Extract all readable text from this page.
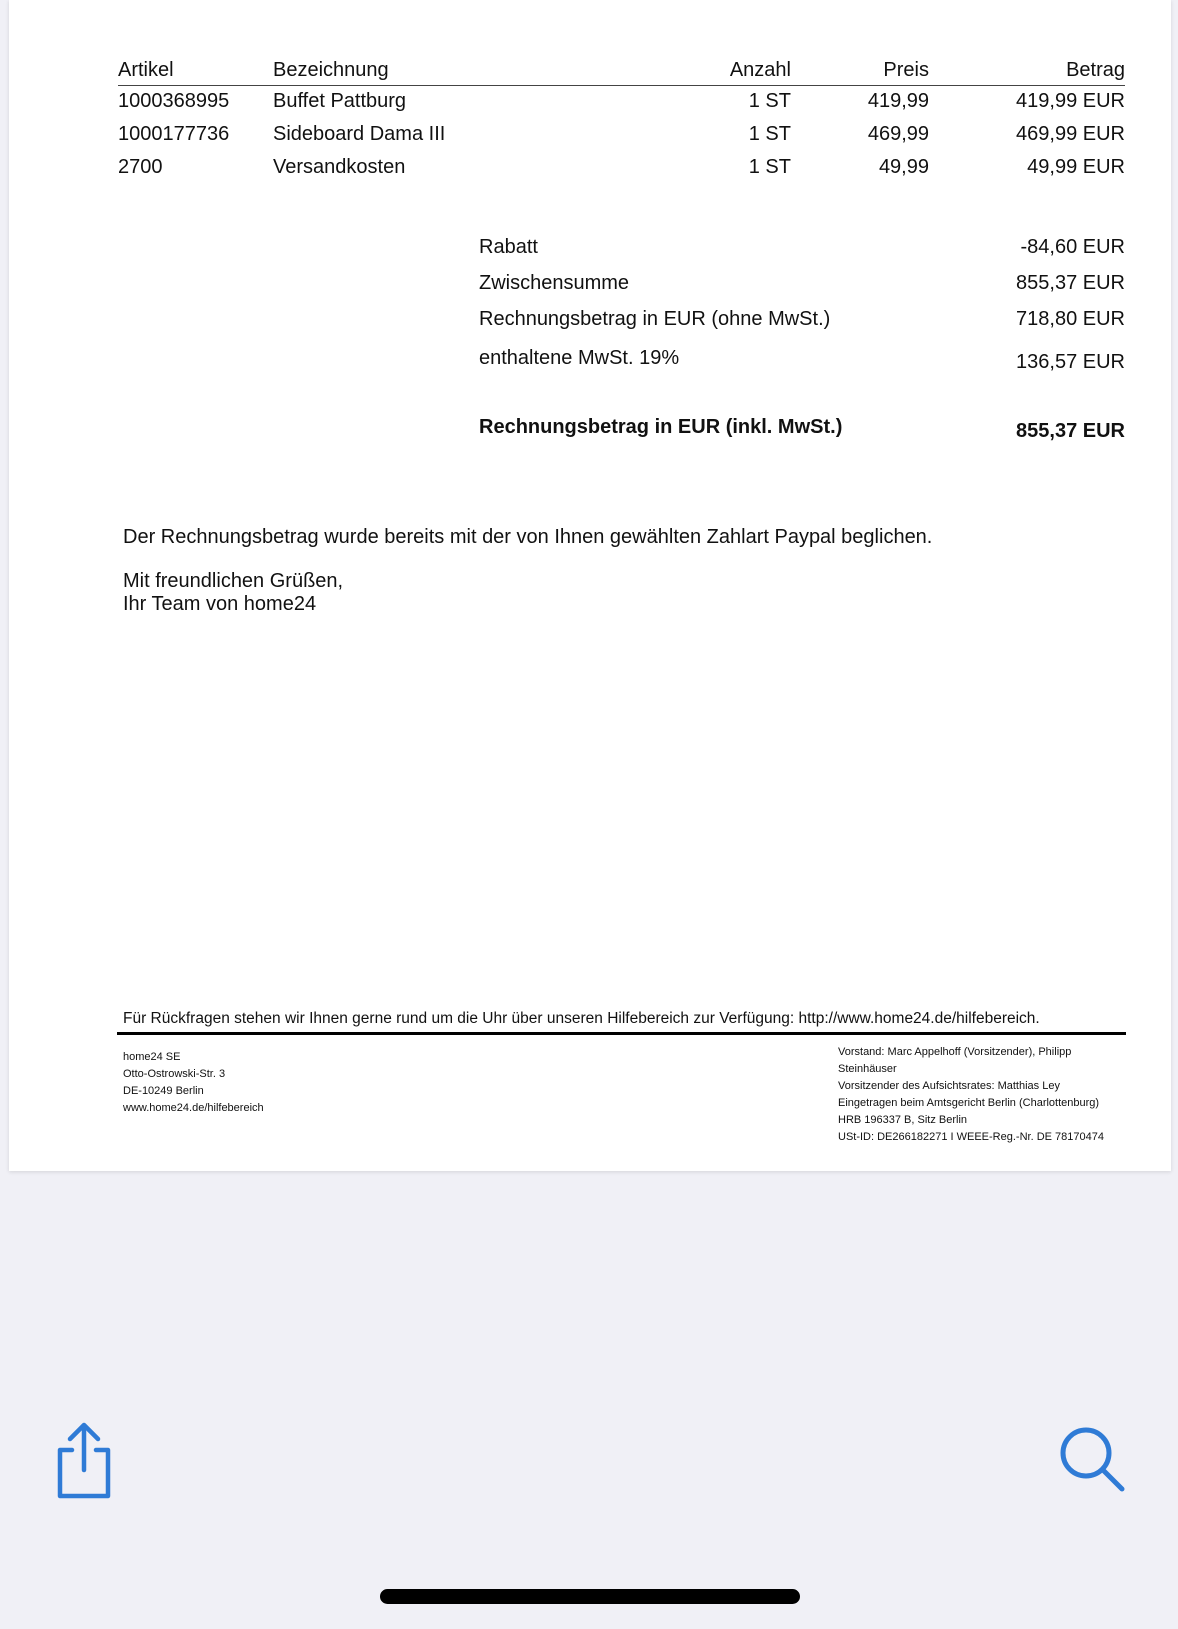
Artikel	Bezeichnung	Anzahl	Preis	Betrag
1000368995 Buffet Pattburg	1 ST	419,99	419,99 EUR
1000177736 Sideboard Dama III	1 ST	469,99	469,99 EUR
2700	Versandkosten	1 ST	49,99	49,99 EUR
Rabatt	-84,60 EUR
Zwischensumme	855,37 EUR
Rechnungsbetrag in EUR (ohne MwSt.)	718,80 EUR
enthaltene MwSt. 19%	136,57 EUR
Rechnungsbetrag in EUR (inkl. MwSt.)	855,37 EUR
Der Rechnungsbetrag wurde bereits mit der von Ihnen gewählten Zahlart Paypal beglichen.
Mit freundlichen Grüßen,
Ihr Team von home24
Für Rückfragen stehen wir Ihnen gerne rund um die Uhr über unseren Hilfebereich zur Verfügung: http://www.home24.de/hilfebereich.
home24 SE
Otto-Ostrowski-Str. 3
DE-10249 Berlin
www.home24.de/hilfebereich
Vorstand: Marc Appelhoff (Vorsitzender), Philipp
Steinhäuser
Vorsitzender des Aufsichtsrates: Matthias Ley
Eingetragen beim Amtsgericht Berlin (Charlottenburg)
HRB 196337 B, Sitz Berlin
USt-ID: DE266182271 I WEEE-Reg.-Nr. DE 78170474
